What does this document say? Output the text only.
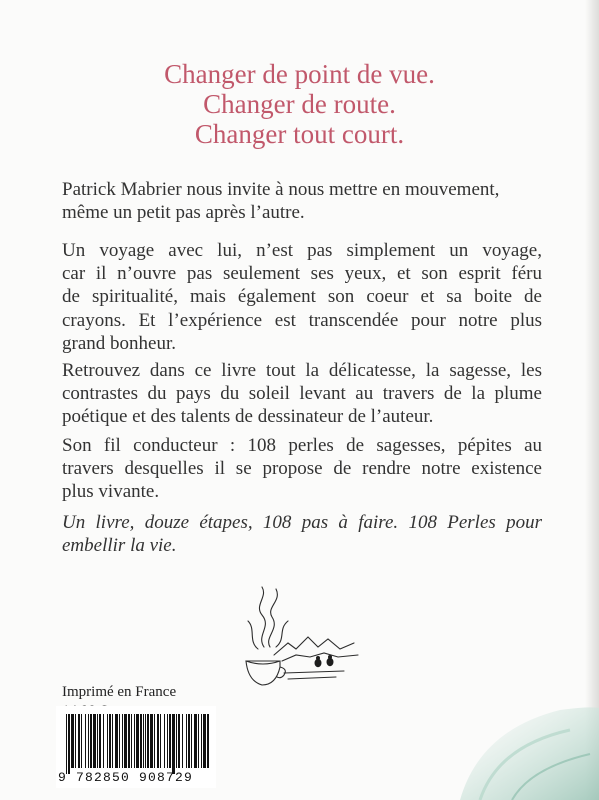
Changer de point de vue.
Changer de route.
Changer tout court.
Patrick Mabrier nous invite à nous mettre en mouvement,
même un petit pas après l’autre.
Un voyage avec lui, n’est pas simplement un voyage,
car il n’ouvre pas seulement ses yeux, et son esprit féru
de spiritualité, mais également son coeur et sa boite de
crayons. Et l’expérience est transcendée pour notre plus
grand bonheur.
Retrouvez dans ce livre tout la délicatesse, la sagesse, les
contrastes du pays du soleil levant au travers de la plume
poétique et des talents de dessinateur de l’auteur.
Son fil conducteur : 108 perles de sagesses, pépites au
travers desquelles il se propose de rendre notre existence
plus vivante.
Un livre, douze étapes, 108 pas à faire. 108 Perles pour
embellir la vie.
Imprimé en France
9 782850 908729
